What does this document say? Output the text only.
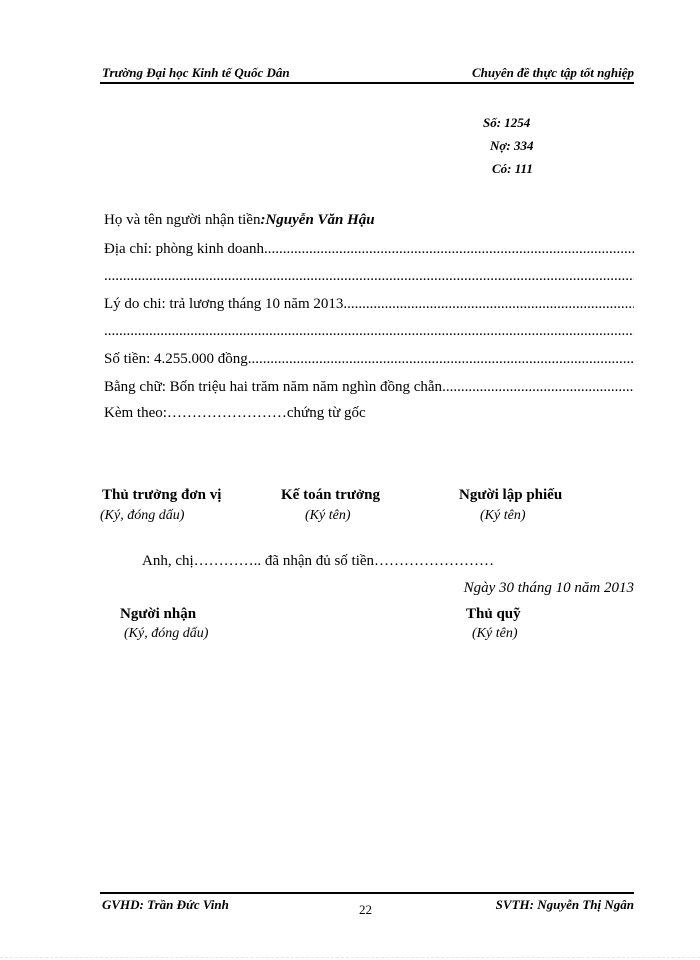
Trường Đại học Kinh tế Quốc Dân	Chuyên đề thực tập tốt nghiệp
Số: 1254
Nợ: 334
Có: 111
Họ và tên người nhận tiền:Nguyễn Văn Hậu
Địa chỉ: phòng kinh doanh
.....
.....
Lý do chi: trả lương tháng 10 năm 2013
.....
.....
Số tiền: 4.255.000 đồng
.....
Bằng chữ: Bốn triệu hai trăm năm năm nghìn đồng chẵn
.....
Kèm theo:……………………chứng từ gốc
Thủ trưởng đơn vị
(Ký, đóng dấu)
Kế toán trưởng
(Ký tên)
Người lập phiếu
(Ký tên)
Anh, chị………….. đã nhận đủ số tiền……………………
Ngày 30 tháng 10 năm 2013
Người nhận
(Ký, đóng dấu)
Thủ quỹ
(Ký tên)
GVHD: Trần Đức Vinh	22	SVTH: Nguyễn Thị Ngân
